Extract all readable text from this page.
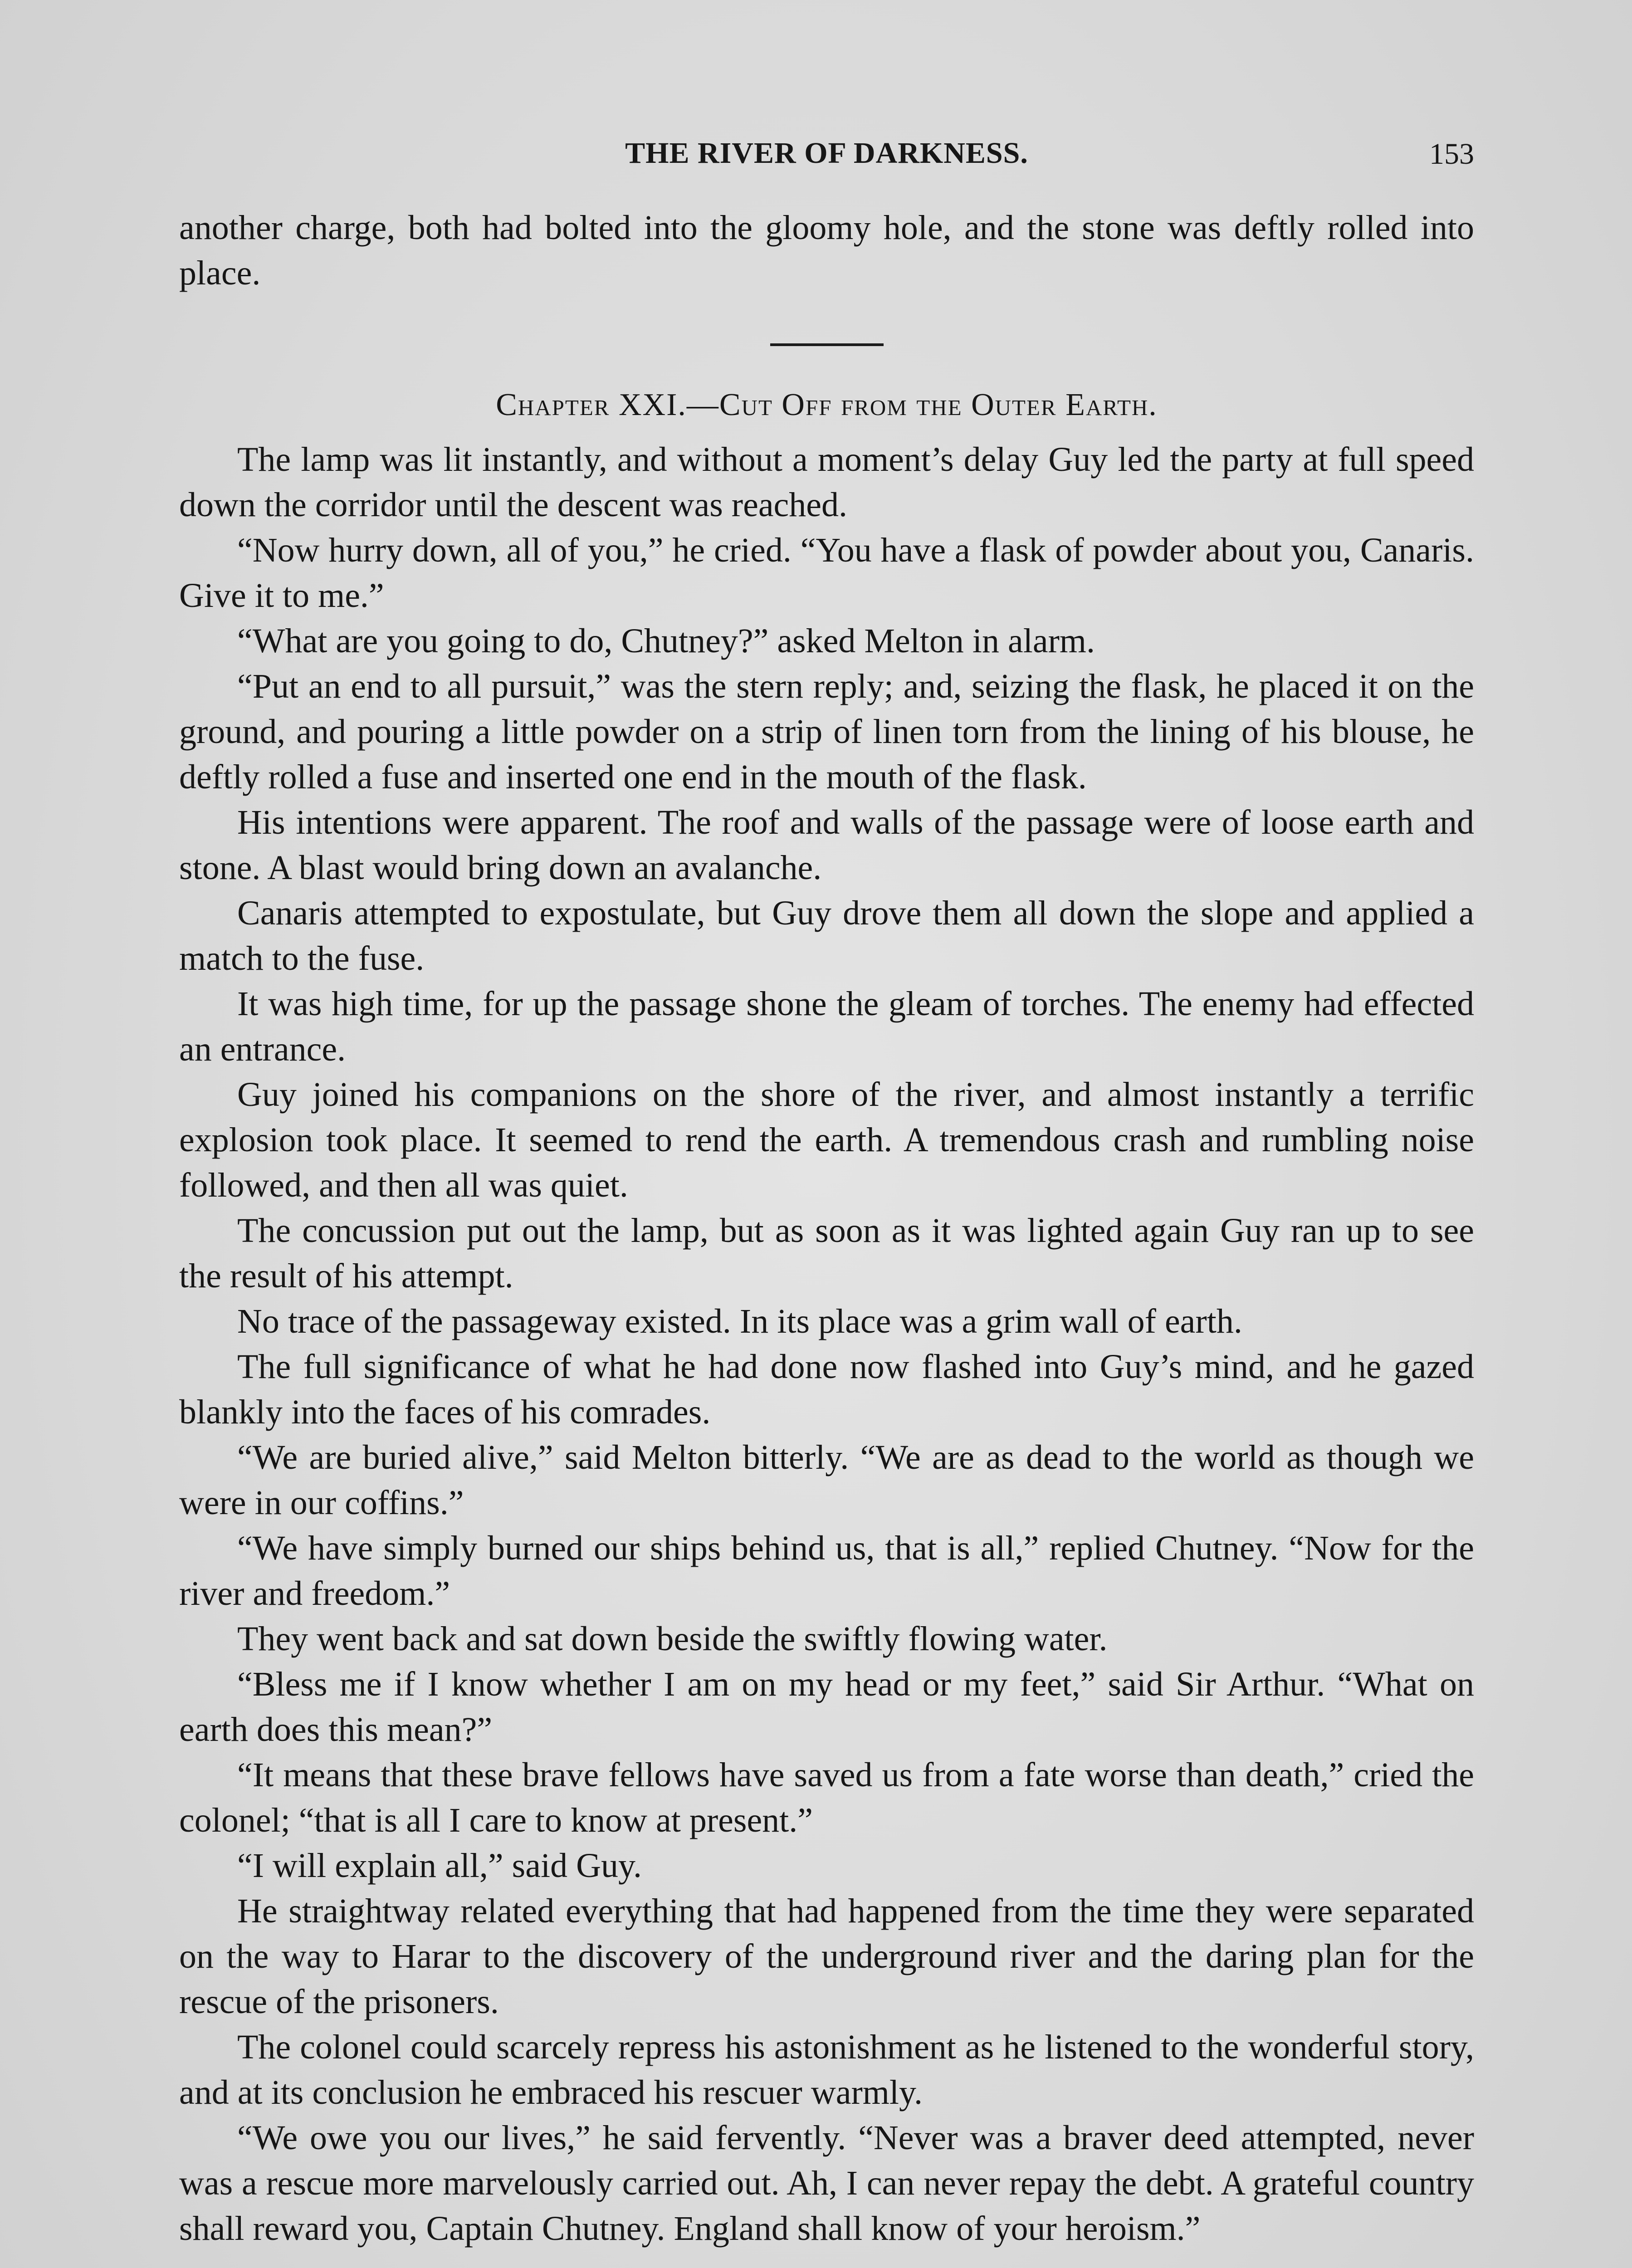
THE RIVER OF DARKNESS.	153

another charge, both had bolted into the gloomy hole, and the stone was deftly rolled into place.

Chapter XXI.—Cut Off from the Outer Earth.

The lamp was lit instantly, and without a moment’s delay Guy led the party at full speed down the corridor until the descent was reached.

“Now hurry down, all of you,” he cried. “You have a flask of powder about you, Canaris. Give it to me.”

“What are you going to do, Chutney?” asked Melton in alarm.

“Put an end to all pursuit,” was the stern reply; and, seizing the flask, he placed it on the ground, and pouring a little powder on a strip of linen torn from the lining of his blouse, he deftly rolled a fuse and inserted one end in the mouth of the flask.

His intentions were apparent. The roof and walls of the passage were of loose earth and stone. A blast would bring down an avalanche.

Canaris attempted to expostulate, but Guy drove them all down the slope and applied a match to the fuse.

It was high time, for up the passage shone the gleam of torches. The enemy had effected an entrance.

Guy joined his companions on the shore of the river, and almost instantly a terrific explosion took place. It seemed to rend the earth. A tremendous crash and rumbling noise followed, and then all was quiet.

The concussion put out the lamp, but as soon as it was lighted again Guy ran up to see the result of his attempt.

No trace of the passageway existed. In its place was a grim wall of earth.

The full significance of what he had done now flashed into Guy’s mind, and he gazed blankly into the faces of his comrades.

“We are buried alive,” said Melton bitterly. “We are as dead to the world as though we were in our coffins.”

“We have simply burned our ships behind us, that is all,” replied Chutney. “Now for the river and freedom.”

They went back and sat down beside the swiftly flowing water.

“Bless me if I know whether I am on my head or my feet,” said Sir Arthur. “What on earth does this mean?”

“It means that these brave fellows have saved us from a fate worse than death,” cried the colonel; “that is all I care to know at present.”

“I will explain all,” said Guy.

He straightway related everything that had happened from the time they were separated on the way to Harar to the discovery of the underground river and the daring plan for the rescue of the prisoners.

The colonel could scarcely repress his astonishment as he listened to the wonderful story, and at its conclusion he embraced his rescuer warmly.

“We owe you our lives,” he said fervently. “Never was a braver deed attempted, never was a rescue more marvelously carried out. Ah, I can never repay the debt. A grateful country shall reward you, Captain Chutney. England shall know of your heroism.”
